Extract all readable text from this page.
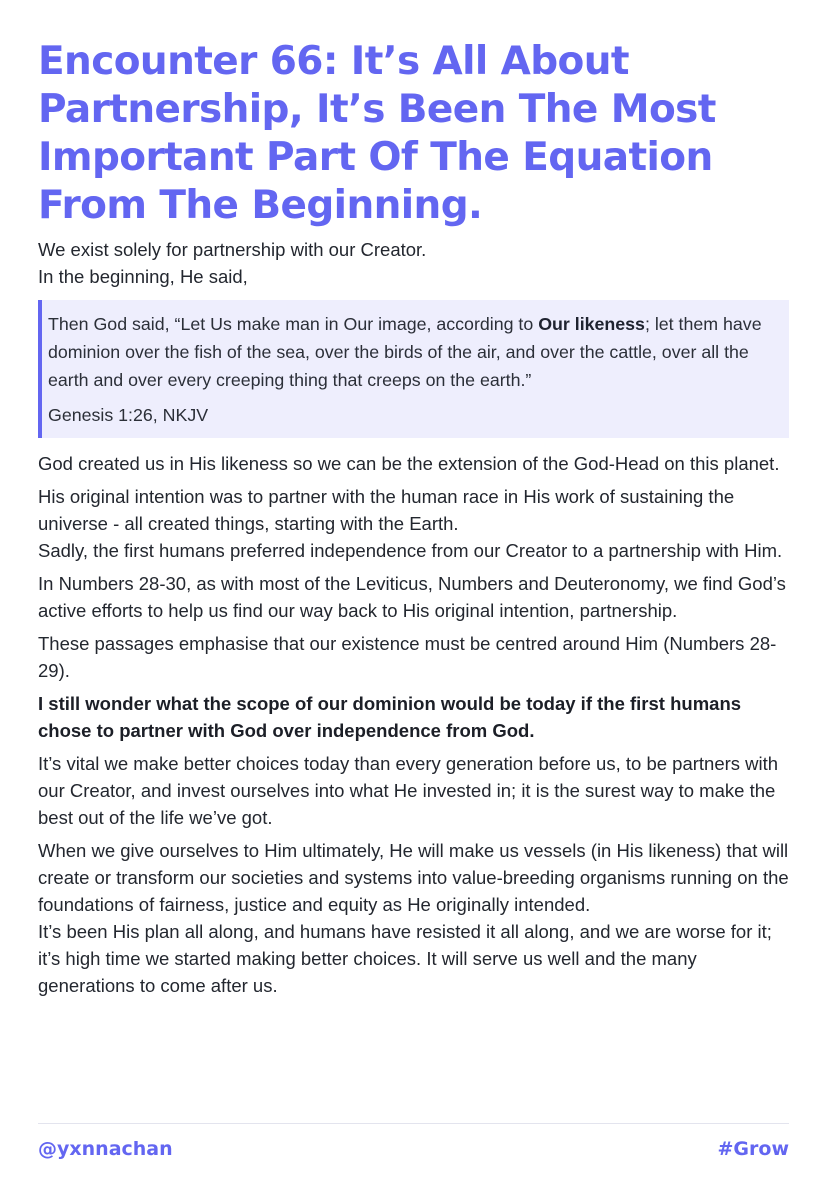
Encounter 66: It’s All About Partnership, It’s Been The Most Important Part Of The Equation From The Beginning.

We exist solely for partnership with our Creator.

In the beginning, He said,

Then God said, “Let Us make man in Our image, according to Our likeness; let them have dominion over the fish of the sea, over the birds of the air, and over the cattle, over all the earth and over every creeping thing that creeps on the earth.”

Genesis 1:26, NKJV

God created us in His likeness so we can be the extension of the God-Head on this planet.

His original intention was to partner with the human race in His work of sustaining the universe - all created things, starting with the Earth.

Sadly, the first humans preferred independence from our Creator to a partnership with Him.

In Numbers 28-30, as with most of the Leviticus, Numbers and Deuteronomy, we find God’s active efforts to help us find our way back to His original intention, partnership.

These passages emphasise that our existence must be centred around Him (Numbers 28-29).

I still wonder what the scope of our dominion would be today if the first humans chose to partner with God over independence from God.

It’s vital we make better choices today than every generation before us, to be partners with our Creator, and invest ourselves into what He invested in; it is the surest way to make the best out of the life we’ve got.

When we give ourselves to Him ultimately, He will make us vessels (in His likeness) that will create or transform our societies and systems into value-breeding organisms running on the foundations of fairness, justice and equity as He originally intended.

It’s been His plan all along, and humans have resisted it all along, and we are worse for it; it’s high time we started making better choices. It will serve us well and the many generations to come after us.

@yxnnachan	#Grow
